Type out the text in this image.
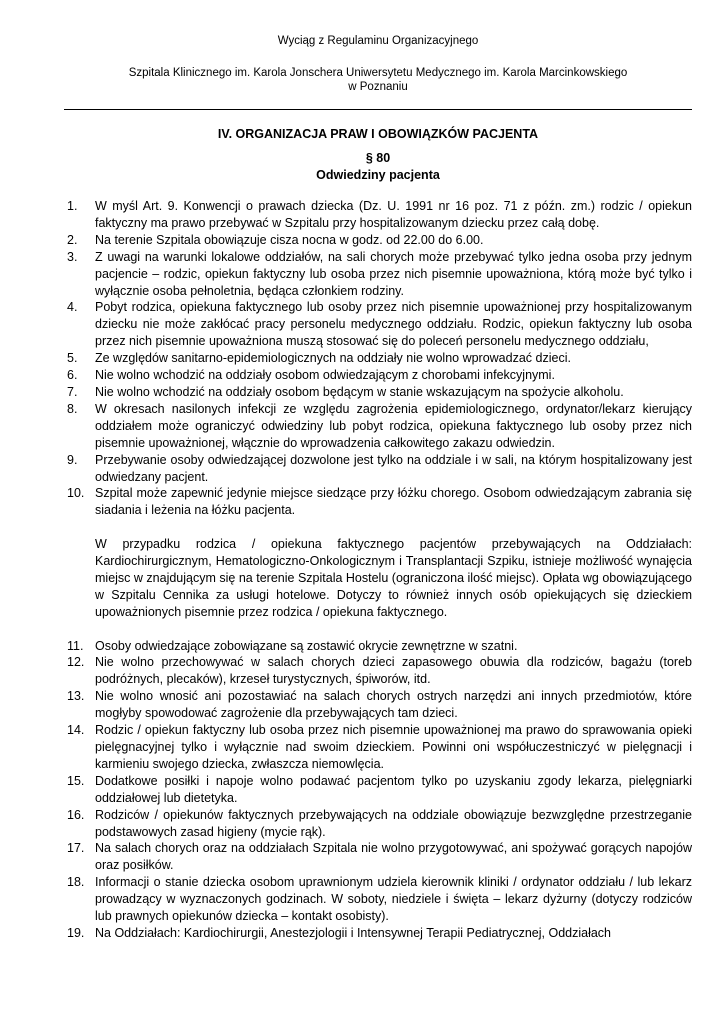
Wyciąg z Regulaminu Organizacyjnego
Szpitala Klinicznego im. Karola Jonschera Uniwersytetu Medycznego im. Karola Marcinkowskiego
w Poznaniu
IV. ORGANIZACJA PRAW I OBOWIĄZKÓW PACJENTA
§ 80
Odwiedziny pacjenta
1. W myśl Art. 9. Konwencji o prawach dziecka (Dz. U. 1991 nr 16 poz. 71 z późn. zm.) rodzic / opiekun faktyczny ma prawo przebywać w Szpitalu przy hospitalizowanym dziecku przez całą dobę.
2. Na terenie Szpitala obowiązuje cisza nocna w godz. od 22.00 do 6.00.
3. Z uwagi na warunki lokalowe oddziałów, na sali chorych może przebywać tylko jedna osoba przy jednym pacjencie – rodzic, opiekun faktyczny lub osoba przez nich pisemnie upoważniona, którą może być tylko i wyłącznie osoba pełnoletnia, będąca członkiem rodziny.
4. Pobyt rodzica, opiekuna faktycznego lub osoby przez nich pisemnie upoważnionej przy hospitalizowanym dziecku nie może zakłócać pracy personelu medycznego oddziału. Rodzic, opiekun faktyczny lub osoba przez nich pisemnie upoważniona muszą stosować się do poleceń personelu medycznego oddziału,
5. Ze względów sanitarno-epidemiologicznych na oddziały nie wolno wprowadzać dzieci.
6. Nie wolno wchodzić na oddziały osobom odwiedzającym z chorobami infekcyjnymi.
7. Nie wolno wchodzić na oddziały osobom będącym w stanie wskazującym na spożycie alkoholu.
8. W okresach nasilonych infekcji ze względu zagrożenia epidemiologicznego, ordynator/lekarz kierujący oddziałem może ograniczyć odwiedziny lub pobyt rodzica, opiekuna faktycznego lub osoby przez nich pisemnie upoważnionej, włącznie do wprowadzenia całkowitego zakazu odwiedzin.
9. Przebywanie osoby odwiedzającej dozwolone jest tylko na oddziale i w sali, na którym hospitalizowany jest odwiedzany pacjent.
10. Szpital może zapewnić jedynie miejsce siedzące przy łóżku chorego. Osobom odwiedzającym zabrania się siadania i leżenia na łóżku pacjenta.
W przypadku rodzica / opiekuna faktycznego pacjentów przebywających na Oddziałach: Kardiochirurgicznym, Hematologiczno-Onkologicznym i Transplantacji Szpiku, istnieje możliwość wynajęcia miejsc w znajdującym się na terenie Szpitala Hostelu (ograniczona ilość miejsc). Opłata wg obowiązującego w Szpitalu Cennika za usługi hotelowe. Dotyczy to również innych osób opiekujących się dzieckiem upoważnionych pisemnie przez rodzica / opiekuna faktycznego.
11. Osoby odwiedzające zobowiązane są zostawić okrycie zewnętrzne w szatni.
12. Nie wolno przechowywać w salach chorych dzieci zapasowego obuwia dla rodziców, bagażu (toreb podróżnych, plecaków), krzeseł turystycznych, śpiworów, itd.
13. Nie wolno wnosić ani pozostawiać na salach chorych ostrych narzędzi ani innych przedmiotów, które mogłyby spowodować zagrożenie dla przebywających tam dzieci.
14. Rodzic / opiekun faktyczny lub osoba przez nich pisemnie upoważnionej ma prawo do sprawowania opieki pielęgnacyjnej tylko i wyłącznie nad swoim dzieckiem. Powinni oni współuczestniczyć w pielęgnacji i karmieniu swojego dziecka, zwłaszcza niemowlęcia.
15. Dodatkowe posiłki i napoje wolno podawać pacjentom tylko po uzyskaniu zgody lekarza, pielęgniarki oddziałowej lub dietetyka.
16. Rodziców / opiekunów faktycznych przebywających na oddziale obowiązuje bezwzględne przestrzeganie podstawowych zasad higieny (mycie rąk).
17. Na salach chorych oraz na oddziałach Szpitala nie wolno przygotowywać, ani spożywać gorących napojów oraz posiłków.
18. Informacji o stanie dziecka osobom uprawnionym udziela kierownik kliniki / ordynator oddziału / lub lekarz prowadzący w wyznaczonych godzinach. W soboty, niedziele i święta – lekarz dyżurny (dotyczy rodziców lub prawnych opiekunów dziecka – kontakt osobisty).
19. Na Oddziałach: Kardiochirurgii, Anestezjologii i Intensywnej Terapii Pediatrycznej, Oddziałach
